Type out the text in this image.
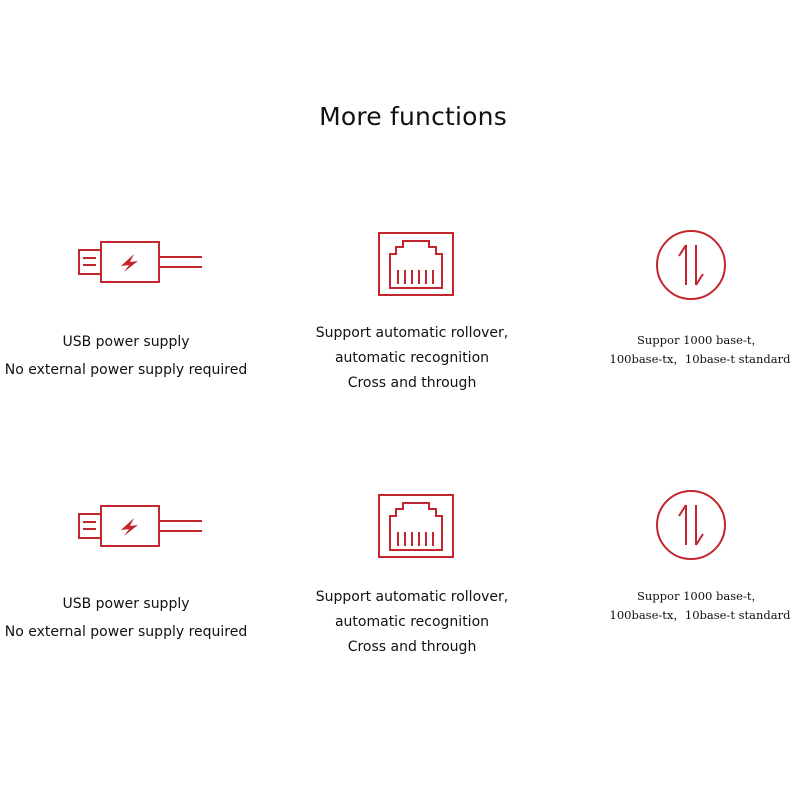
More functions
USB power supply
No external power supply required
Support automatic rollover,
automatic recognition
Cross and through
Suppor 1000 base-t，
100base-tx，10base-t standard
USB power supply
No external power supply required
Support automatic rollover,
automatic recognition
Cross and through
Suppor 1000 base-t，
100base-tx，10base-t standard
